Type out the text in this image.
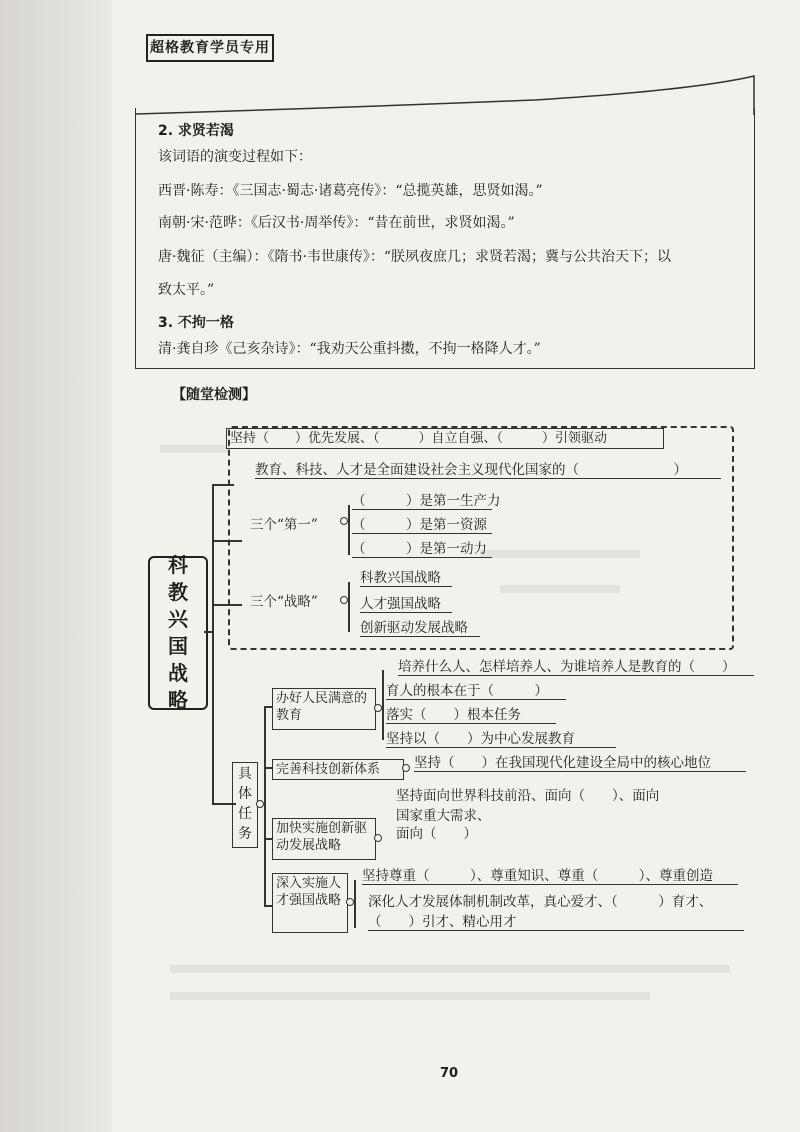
超格教育学员专用
2. 求贤若渴
该词语的演变过程如下：
西晋·陈寿：《三国志·蜀志·诸葛亮传》：“总揽英雄，思贤如渴。”
南朝·宋·范晔：《后汉书·周举传》：“昔在前世，求贤如渴。”
唐·魏征（主编）：《隋书·韦世康传》：“朕夙夜庶几；求贤若渴；冀与公共治天下；以
致太平。”
3. 不拘一格
清·龚自珍《己亥杂诗》：“我劝天公重抖擞，不拘一格降人才。”
【随堂检测】
科
教
兴
国
战
略
坚持（　　）优先发展、（　　　）自立自强、（　　　）引领驱动
教育、科技、人才是全面建设社会主义现代化国家的（　　　　　　　）
三个“第一”
（　　　）是第一生产力
（　　　）是第一资源
（　　　）是第一动力
三个“战略”
科教兴国战略
人才强国战略
创新驱动发展战略
具体任务
办好人民满意的教育
培养什么人、怎样培养人、为谁培养人是教育的（　　）
育人的根本在于（　　　）
落实（　　）根本任务
坚持以（　　）为中心发展教育
完善科技创新体系	坚持（　　）在我国现代化建设全局中的核心地位
加快实施创新驱动发展战略
坚持面向世界科技前沿、面向（　　）、面向
国家重大需求、
面向（　　）
深入实施人才强国战略
坚持尊重（　　　）、尊重知识、尊重（　　　）、尊重创造
深化人才发展体制机制改革，真心爱才、（　　　）育才、
（　　）引才、精心用才
70
